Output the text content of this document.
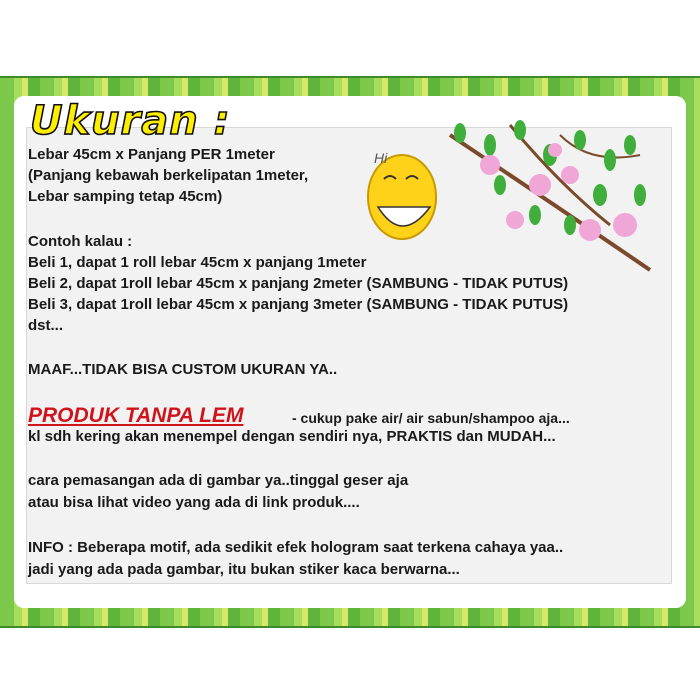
Ukuran :
Hi
Lebar 45cm x Panjang PER 1meter
(Panjang kebawah berkelipatan 1meter,
Lebar samping tetap 45cm)
Contoh kalau :
Beli 1, dapat 1 roll lebar 45cm x panjang 1meter
Beli 2, dapat 1roll lebar 45cm x panjang 2meter (SAMBUNG - TIDAK PUTUS)
Beli 3, dapat 1roll lebar 45cm x panjang 3meter (SAMBUNG - TIDAK PUTUS)
dst...
MAAF...TIDAK BISA CUSTOM UKURAN YA..
PRODUK TANPA LEM	- cukup pake air/ air sabun/shampoo aja...
kl sdh kering akan menempel dengan sendiri nya, PRAKTIS dan MUDAH...
cara pemasangan ada di gambar ya..tinggal geser aja
atau bisa lihat video yang ada di link produk....
INFO : Beberapa motif, ada sedikit efek hologram saat terkena cahaya yaa..
jadi yang ada pada gambar, itu bukan stiker kaca berwarna...
